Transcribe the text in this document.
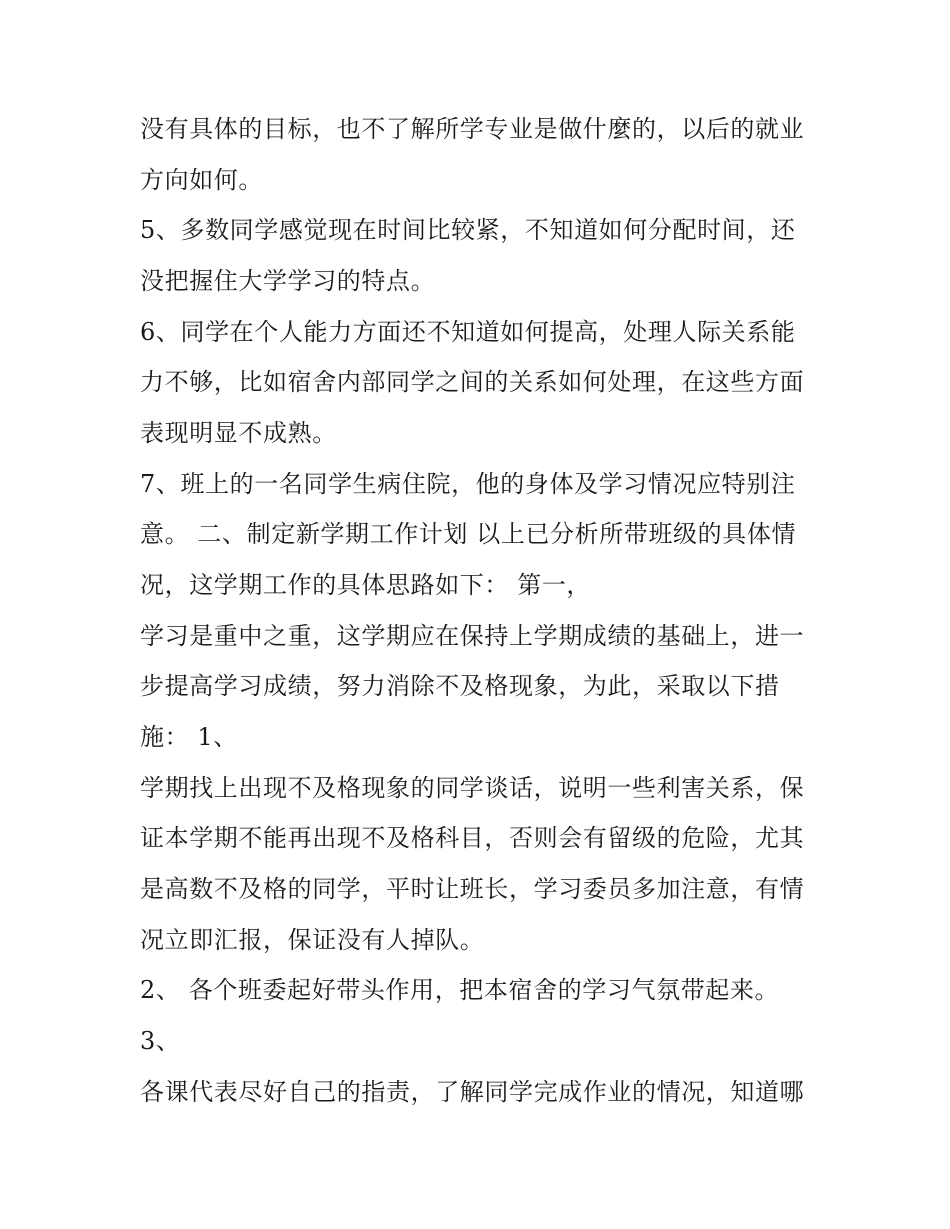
没有具体的目标，也不了解所学专业是做什麼的，以后的就业
方向如何。
5、多数同学感觉现在时间比较紧，不知道如何分配时间，还
没把握住大学学习的特点。
6、同学在个人能力方面还不知道如何提高，处理人际关系能
力不够，比如宿舍内部同学之间的关系如何处理，在这些方面
表现明显不成熟。
7、班上的一名同学生病住院，他的身体及学习情况应特别注
意。 二、制定新学期工作计划 以上已分析所带班级的具体情
况，这学期工作的具体思路如下： 第一，
学习是重中之重，这学期应在保持上学期成绩的基础上，进一
步提高学习成绩，努力消除不及格现象，为此，采取以下措
施： 1、
学期找上出现不及格现象的同学谈话，说明一些利害关系，保
证本学期不能再出现不及格科目，否则会有留级的危险，尤其
是高数不及格的同学，平时让班长，学习委员多加注意，有情
况立即汇报，保证没有人掉队。
2、 各个班委起好带头作用，把本宿舍的学习气氛带起来。
3、
各课代表尽好自己的指责，了解同学完成作业的情况，知道哪
